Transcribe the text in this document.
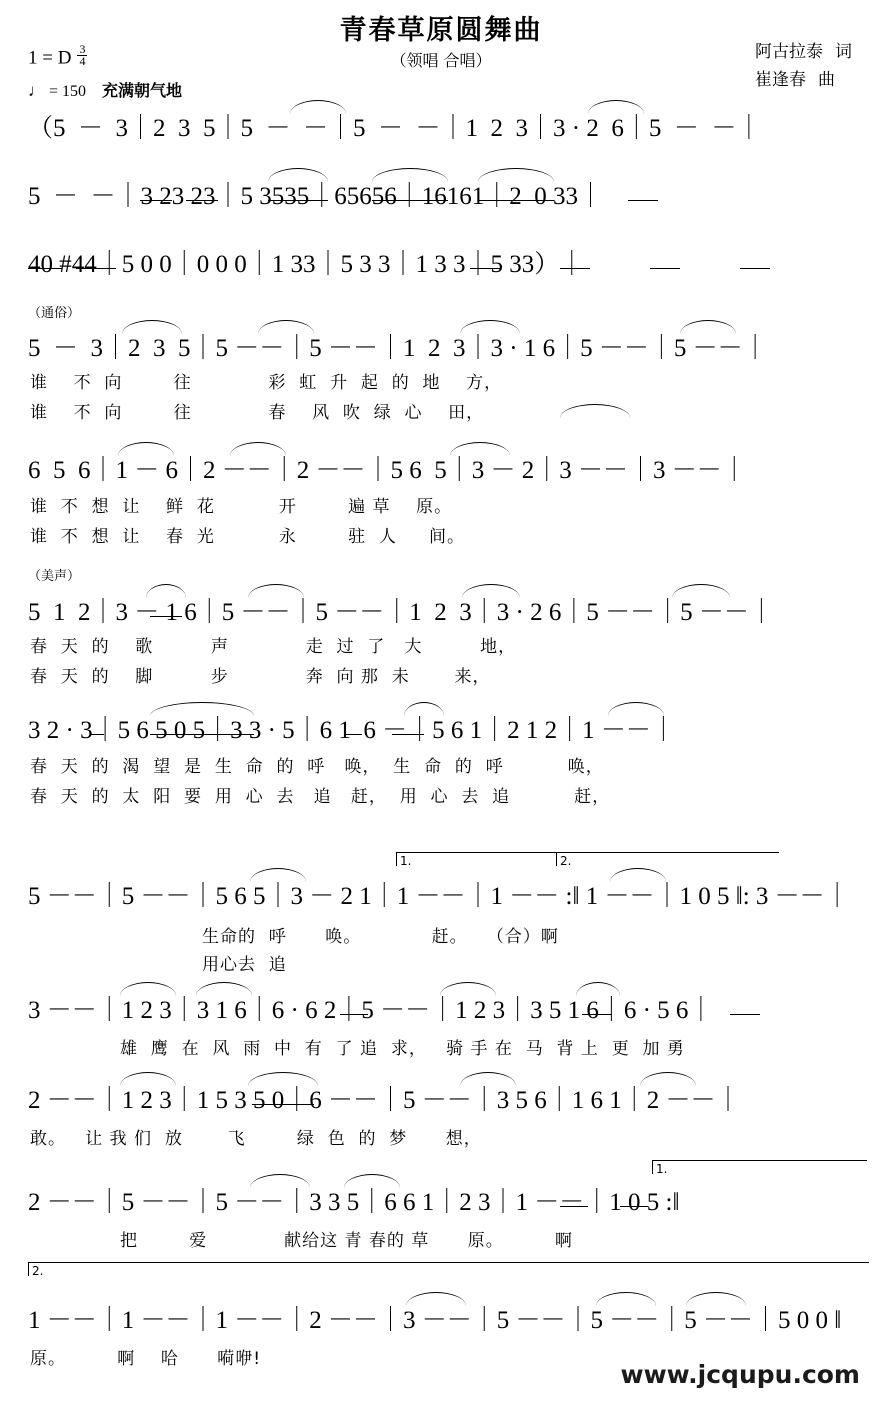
青春草原圆舞曲
1 = D $\frac{3}{4}$
♩ = 150 充满朝气地
（领唱 合唱）	阿古拉泰 词
崔逢春 曲
（5  －  3｜2  3  5｜5  －  －｜5  －  －｜1  2  3｜3 · 2  6｜5  －  －｜
5  －  －｜3 23 23｜5 3535｜65656｜16161｜2  0 33｜
40 #44｜5 0 0｜0 0 0｜1 33｜5 3 3｜1 3 3｜5 33）｜
（通俗）
5  －  3｜2  3  5｜5 －－｜5 －－｜1  2  3｜3 · 1 6｜5 －－｜5 －－｜
谁    不  向        往            彩  虹  升  起  的  地    方，
谁    不  向        往            春    风  吹  绿  心    田，
6  5  6｜1 － 6｜2 －－｜2 －－｜5 6  5｜3 － 2｜3 －－｜3 －－｜
谁  不  想  让    鲜  花          开        遍 草    原。
谁  不  想  让    春  光          永        驻  人     间。
（美声）
5  1  2｜3 － 1 6｜5 －－｜5 －－｜1  2  3｜3 · 2 6｜5 －－｜5 －－｜
春  天  的    歌         声            走  过  了   大         地，
春  天  的    脚         步            奔  向 那  未       来，
3 2 · 3｜5 6 5 0 5｜3 3 · 5｜6 1  6 －｜5 6 1｜2 1 2｜1 －－｜
春  天  的  渴  望  是  生  命  的  呼   唤，  生  命  的  呼          唤，
春  天  的  太  阳  要  用  心  去   追   赶，  用  心  去  追          赶，
1.	2.
5 －－｜5 －－｜5 6 5｜3 － 2 1｜1 －－｜1 －－ :‖ 1 －－｜1 0 5 ‖: 3 －－｜
生命的  呼      唤。           赶。   （合）啊
用心去  追
3 －－｜1 2 3｜3 1 6｜6 · 6 2｜5 －－｜1 2 3｜3 5 1 6｜6 · 5 6｜
雄  鹰  在  风  雨  中  有  了 追  求，   骑 手 在  马  背 上  更  加 勇
2 －－｜1 2 3｜1 5 3 5 0｜6 －－｜5 －－｜3 5 6｜1 6 1｜2 －－｜
敢。   让 我 们  放       飞        绿  色  的  梦      想，
1.
2 －－｜5 －－｜5 －－｜3 3 5｜6 6 1｜2 3｜1 －－｜1 0 5 :‖
把        爱            献给这 青 春的 草      原。        啊
2.
1 －－｜1 －－｜1 －－｜2 －－｜3 －－｜5 －－｜5 －－｜5 －－｜5 0 0 ‖
原。        啊    哈      嗬咿!
www.jcqupu.com
